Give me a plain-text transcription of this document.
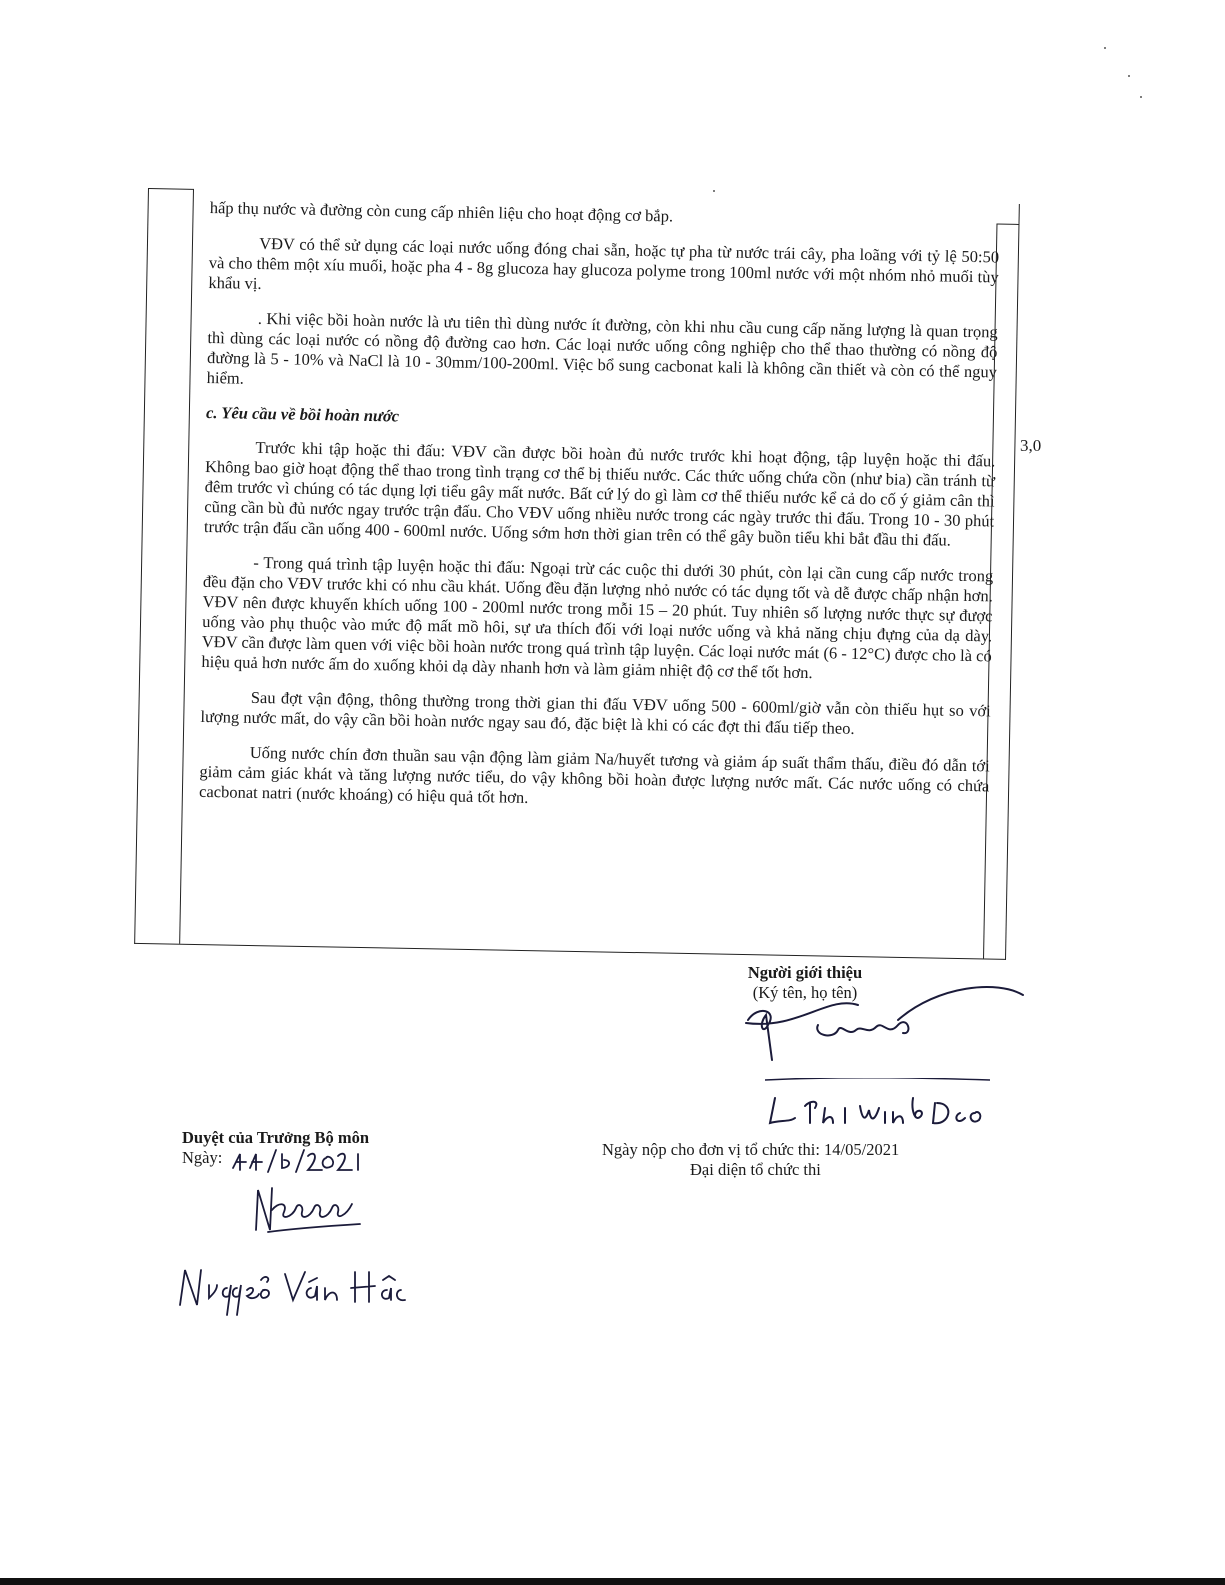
hấp thụ nước và đường còn cung cấp nhiên liệu cho hoạt động cơ bắp.

VĐV có thể sử dụng các loại nước uống đóng chai sẵn, hoặc tự pha từ nước trái cây, pha loãng với tỷ lệ 50:50 và cho thêm một xíu muối, hoặc pha 4 - 8g glucoza hay glucoza polyme trong 100ml nước với một nhóm nhỏ muối tùy khẩu vị.

. Khi việc bồi hoàn nước là ưu tiên thì dùng nước ít đường, còn khi nhu cầu cung cấp năng lượng là quan trọng thì dùng các loại nước có nồng độ đường cao hơn. Các loại nước uống công nghiệp cho thể thao thường có nồng độ đường là 5 - 10% và NaCl là 10 - 30mm/100-200ml. Việc bổ sung cacbonat kali là không cần thiết và còn có thể nguy hiểm.

c. Yêu cầu về bồi hoàn nước

Trước khi tập hoặc thi đấu: VĐV cần được bồi hoàn đủ nước trước khi hoạt động, tập luyện hoặc thi đấu. Không bao giờ hoạt động thể thao trong tình trạng cơ thể bị thiếu nước. Các thức uống chứa cồn (như bia) cần tránh từ đêm trước vì chúng có tác dụng lợi tiểu gây mất nước. Bất cứ lý do gì làm cơ thể thiếu nước kể cả do cố ý giảm cân thì cũng cần bù đủ nước ngay trước trận đấu. Cho VĐV uống nhiều nước trong các ngày trước thi đấu. Trong 10 - 30 phút trước trận đấu cần uống 400 - 600ml nước. Uống sớm hơn thời gian trên có thể gây buồn tiểu khi bắt đầu thi đấu.

- Trong quá trình tập luyện hoặc thi đấu: Ngoại trừ các cuộc thi dưới 30 phút, còn lại cần cung cấp nước trong đều đặn cho VĐV trước khi có nhu cầu khát. Uống đều đặn lượng nhỏ nước có tác dụng tốt và dễ được chấp nhận hơn. VĐV nên được khuyến khích uống 100 - 200ml nước trong mỗi 15 – 20 phút. Tuy nhiên số lượng nước thực sự được uống vào phụ thuộc vào mức độ mất mồ hôi, sự ưa thích đối với loại nước uống và khả năng chịu đựng của dạ dày. VĐV cần được làm quen với việc bồi hoàn nước trong quá trình tập luyện. Các loại nước mát (6 - 12°C) được cho là có hiệu quả hơn nước ấm do xuống khỏi dạ dày nhanh hơn và làm giảm nhiệt độ cơ thể tốt hơn.

Sau đợt vận động, thông thường trong thời gian thi đấu VĐV uống 500 - 600ml/giờ vẫn còn thiếu hụt so với lượng nước mất, do vậy cần bồi hoàn nước ngay sau đó, đặc biệt là khi có các đợt thi đấu tiếp theo.

Uống nước chín đơn thuần sau vận động làm giảm Na/huyết tương và giảm áp suất thẩm thấu, điều đó dẫn tới giảm cảm giác khát và tăng lượng nước tiểu, do vậy không bồi hoàn được lượng nước mất. Các nước uống có chứa cacbonat natri (nước khoáng) có hiệu quả tốt hơn.

3,0
Người giới thiệu
(Ký tên, họ tên)
Ngày nộp cho đơn vị tổ chức thi: 14/05/2021
Đại diện tổ chức thi
Duyệt của Trưởng Bộ môn
Ngày:
